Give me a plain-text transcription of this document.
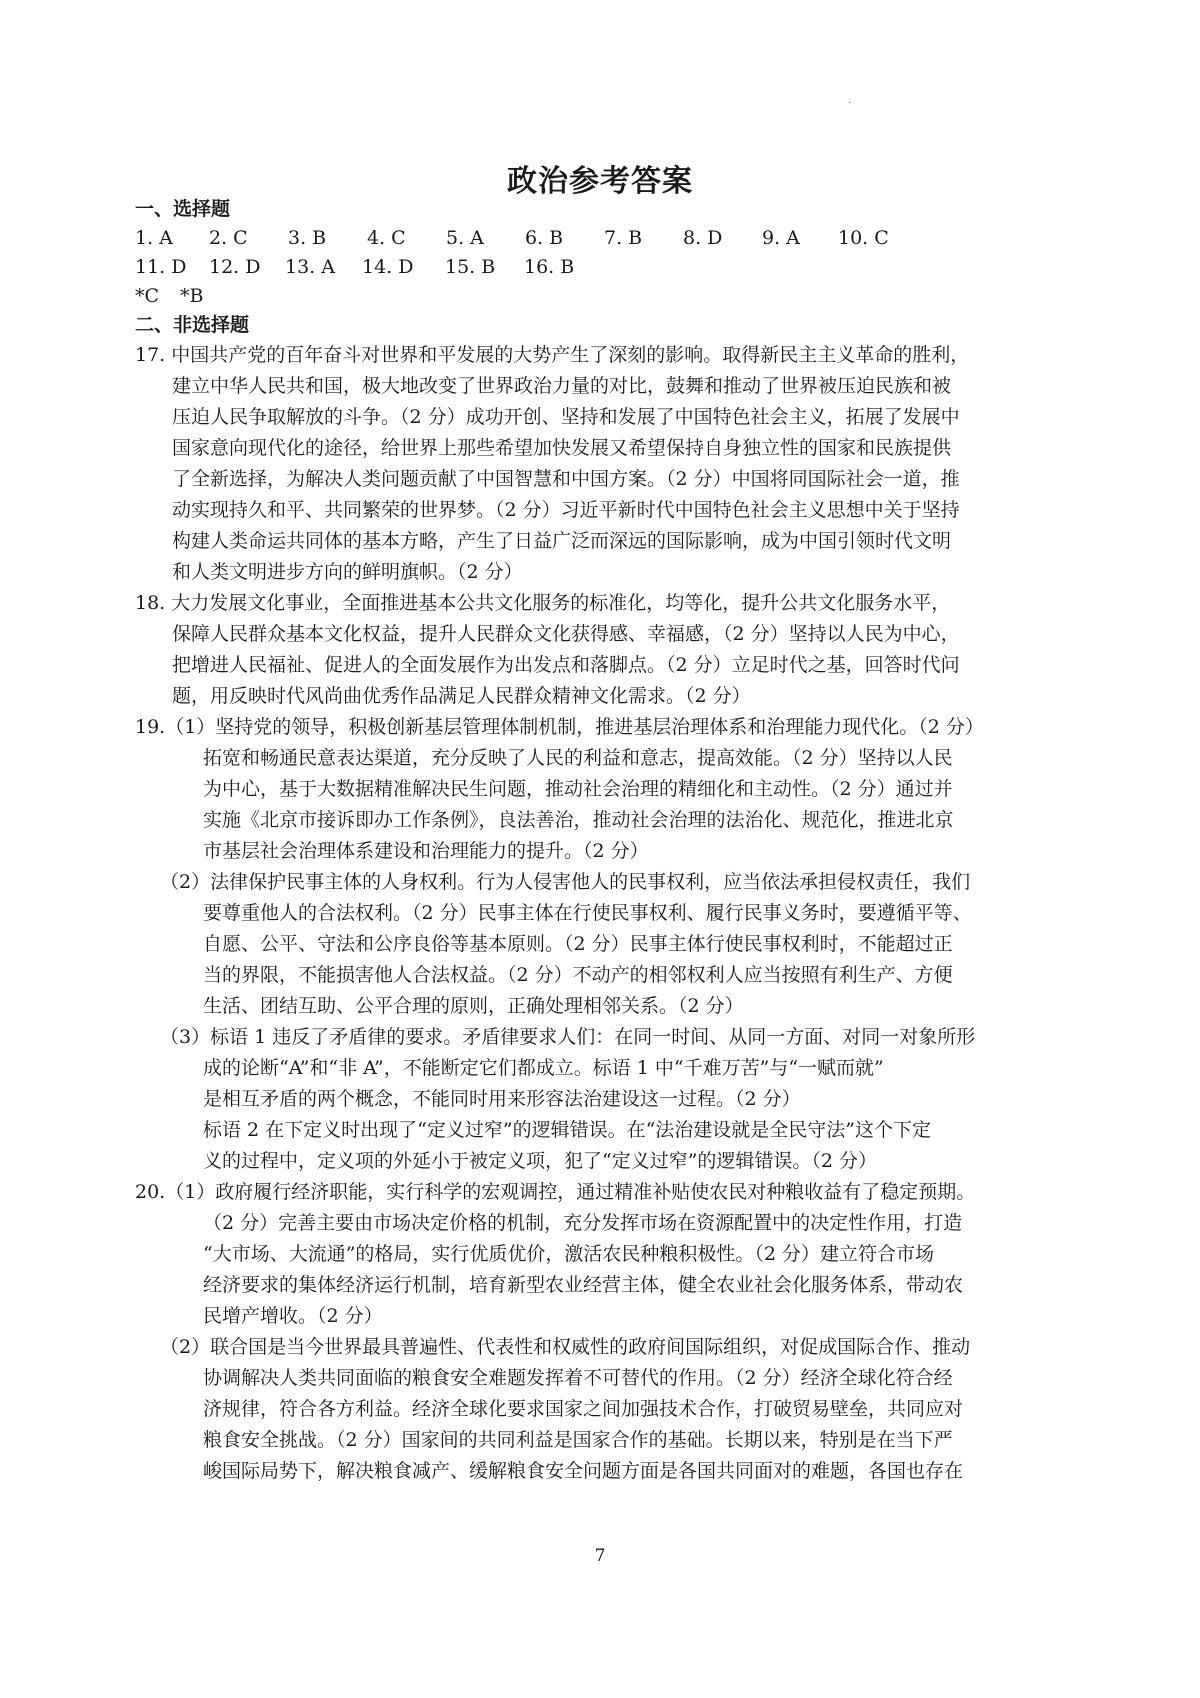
·
政治参考答案
一、选择题
1. A 2. C 3. B 4. C 5. A 6. B 7. B 8. D 9. A 10. C
11. D 12. D 13. A 14. D 15. B 16. B
*C *B
二、非选择题
17. 中国共产党的百年奋斗对世界和平发展的大势产生了深刻的影响。取得新民主主义革命的胜利，
建立中华人民共和国，极大地改变了世界政治力量的对比，鼓舞和推动了世界被压迫民族和被
压迫人民争取解放的斗争。（2 分）成功开创、坚持和发展了中国特色社会主义，拓展了发展中
国家意向现代化的途径，给世界上那些希望加快发展又希望保持自身独立性的国家和民族提供
了全新选择，为解决人类问题贡献了中国智慧和中国方案。（2 分）中国将同国际社会一道，推
动实现持久和平、共同繁荣的世界梦。（2 分）习近平新时代中国特色社会主义思想中关于坚持
构建人类命运共同体的基本方略，产生了日益广泛而深远的国际影响，成为中国引领时代文明
和人类文明进步方向的鲜明旗帜。（2 分）
18. 大力发展文化事业，全面推进基本公共文化服务的标准化，均等化，提升公共文化服务水平，
保障人民群众基本文化权益，提升人民群众文化获得感、幸福感，（2 分）坚持以人民为中心，
把增进人民福祉、促进人的全面发展作为出发点和落脚点。（2 分）立足时代之基，回答时代问
题，用反映时代风尚曲优秀作品满足人民群众精神文化需求。（2 分）
19.（1）坚持党的领导，积极创新基层管理体制机制，推进基层治理体系和治理能力现代化。（2 分）
拓宽和畅通民意表达渠道，充分反映了人民的利益和意志，提高效能。（2 分）坚持以人民
为中心，基于大数据精准解决民生问题，推动社会治理的精细化和主动性。（2 分）通过并
实施《北京市接诉即办工作条例》，良法善治，推动社会治理的法治化、规范化，推进北京
市基层社会治理体系建设和治理能力的提升。（2 分）
（2）法律保护民事主体的人身权利。行为人侵害他人的民事权利，应当依法承担侵权责任，我们
要尊重他人的合法权利。（2 分）民事主体在行使民事权利、履行民事义务时，要遵循平等、
自愿、公平、守法和公序良俗等基本原则。（2 分）民事主体行使民事权利时，不能超过正
当的界限，不能损害他人合法权益。（2 分）不动产的相邻权利人应当按照有利生产、方便
生活、团结互助、公平合理的原则，正确处理相邻关系。（2 分）
（3）标语 1 违反了矛盾律的要求。矛盾律要求人们：在同一时间、从同一方面、对同一对象所形
成的论断“A”和“非 A”，不能断定它们都成立。标语 1 中“千难万苦”与“一赋而就”
是相互矛盾的两个概念，不能同时用来形容法治建设这一过程。（2 分）
标语 2 在下定义时出现了“定义过窄”的逻辑错误。在“法治建设就是全民守法”这个下定
义的过程中，定义项的外延小于被定义项，犯了“定义过窄”的逻辑错误。（2 分）
20.（1）政府履行经济职能，实行科学的宏观调控，通过精准补贴使农民对种粮收益有了稳定预期。
（2 分）完善主要由市场决定价格的机制，充分发挥市场在资源配置中的决定性作用，打造
“大市场、大流通”的格局，实行优质优价，激活农民种粮积极性。（2 分）建立符合市场
经济要求的集体经济运行机制，培育新型农业经营主体，健全农业社会化服务体系，带动农
民增产增收。（2 分）
（2）联合国是当今世界最具普遍性、代表性和权威性的政府间国际组织，对促成国际合作、推动
协调解决人类共同面临的粮食安全难题发挥着不可替代的作用。（2 分）经济全球化符合经
济规律，符合各方利益。经济全球化要求国家之间加强技术合作，打破贸易壁垒，共同应对
粮食安全挑战。（2 分）国家间的共同利益是国家合作的基础。长期以来，特别是在当下严
峻国际局势下，解决粮食减产、缓解粮食安全问题方面是各国共同面对的难题，各国也存在
7
